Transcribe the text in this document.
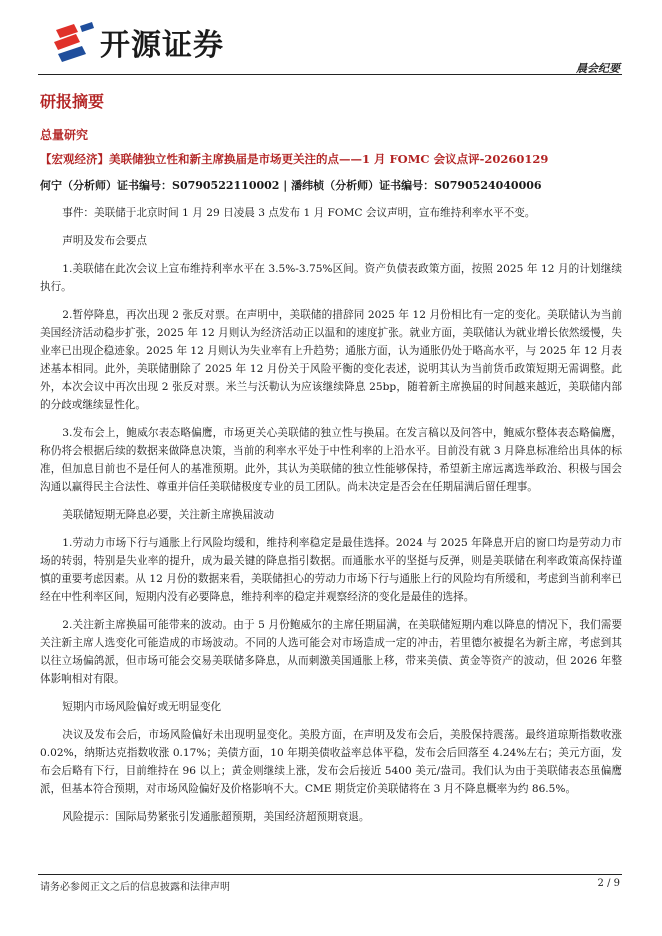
开源证券
晨会纪要
研报摘要
总量研究
【宏观经济】美联储独立性和新主席换届是市场更关注的点——1 月 FOMC 会议点评-20260129
何宁（分析师）证书编号：S0790522110002 | 潘纬桢（分析师）证书编号：S0790524040006

事件：美联储于北京时间 1 月 29 日凌晨 3 点发布 1 月 FOMC 会议声明，宣布维持利率水平不变。

声明及发布会要点

1.美联储在此次会议上宣布维持利率水平在 3.5%-3.75%区间。资产负债表政策方面，按照 2025 年 12 月的计划继续执行。

2.暂停降息，再次出现 2 张反对票。在声明中，美联储的措辞同 2025 年 12 月份相比有一定的变化。美联储认为当前美国经济活动稳步扩张，2025 年 12 月则认为经济活动正以温和的速度扩张。就业方面，美联储认为就业增长依然缓慢，失业率已出现企稳迹象。2025 年 12 月则认为失业率有上升趋势；通胀方面，认为通胀仍处于略高水平，与 2025 年 12 月表述基本相同。此外，美联储删除了 2025 年 12 月份关于风险平衡的变化表述，说明其认为当前货币政策短期无需调整。此外，本次会议中再次出现 2 张反对票。米兰与沃勒认为应该继续降息 25bp，随着新主席换届的时间越来越近，美联储内部的分歧或继续显性化。

3.发布会上，鲍威尔表态略偏鹰，市场更关心美联储的独立性与换届。在发言稿以及问答中，鲍威尔整体表态略偏鹰，称仍将会根据后续的数据来做降息决策，当前的利率水平处于中性利率的上沿水平。目前没有就 3 月降息标准给出具体的标准，但加息目前也不是任何人的基准预期。此外，其认为美联储的独立性能够保持，希望新主席远离选举政治、积极与国会沟通以赢得民主合法性、尊重并信任美联储极度专业的员工团队。尚未决定是否会在任期届满后留任理事。

美联储短期无降息必要，关注新主席换届波动

1.劳动力市场下行与通胀上行风险均缓和，维持利率稳定是最佳选择。2024 与 2025 年降息开启的窗口均是劳动力市场的转弱，特别是失业率的提升，成为最关键的降息指引数据。而通胀水平的坚挺与反弹，则是美联储在利率政策高保持谨慎的重要考虑因素。从 12 月份的数据来看，美联储担心的劳动力市场下行与通胀上行的风险均有所缓和，考虑到当前利率已经在中性利率区间，短期内没有必要降息，维持利率的稳定并观察经济的变化是最佳的选择。

2.关注新主席换届可能带来的波动。由于 5 月份鲍威尔的主席任期届满，在美联储短期内难以降息的情况下，我们需要关注新主席人选变化可能造成的市场波动。不同的人选可能会对市场造成一定的冲击，若里德尔被提名为新主席，考虑到其以往立场偏鸽派，但市场可能会交易美联储多降息，从而刺激美国通胀上移，带来美债、黄金等资产的波动，但 2026 年整体影响相对有限。

短期内市场风险偏好或无明显变化

决议及发布会后，市场风险偏好未出现明显变化。美股方面，在声明及发布会后，美股保持震荡。最终道琼斯指数收涨 0.02%，纳斯达克指数收涨 0.17%；美债方面，10 年期美债收益率总体平稳，发布会后回落至 4.24%左右；美元方面，发布会后略有下行，目前维持在 96 以上；黄金则继续上涨，发布会后接近 5400 美元/盎司。我们认为由于美联储表态虽偏鹰派，但基本符合预期，对市场风险偏好及价格影响不大。CME 期货定价美联储将在 3 月不降息概率为约 86.5%。

风险提示：国际局势紧张引发通胀超预期，美国经济超预期衰退。

请务必参阅正文之后的信息披露和法律声明	2 / 9
